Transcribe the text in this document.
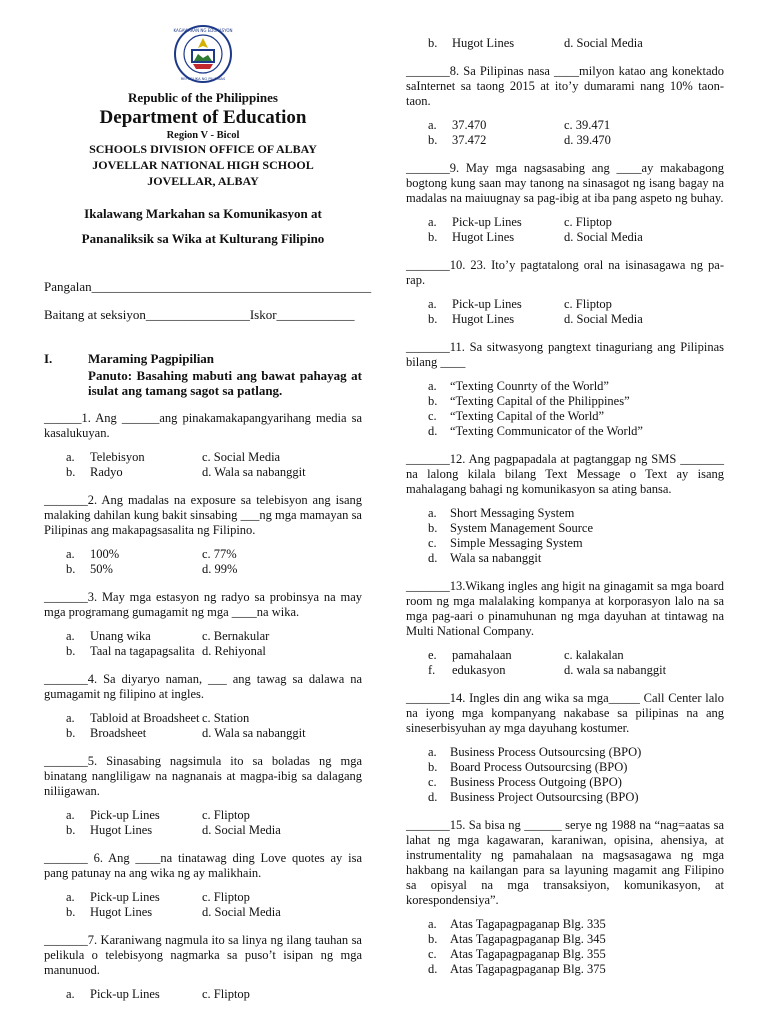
KAGAWARAN NG EDUKASYON
REPUBLIKA NG PILIPINAS
Republic of the Philippines
Department of Education
Region V - Bicol
SCHOOLS DIVISION OFFICE OF ALBAY
JOVELLAR NATIONAL HIGH SCHOOL
JOVELLAR, ALBAY
Ikalawang Markahan sa Komunikasyon at
Pananaliksik sa Wika at Kulturang Filipino
Pangalan___________________________________________
Baitang at seksiyon________________Iskor____________
I.	Maraming Pagpipilian
Panuto: Basahing mabuti ang bawat pahayag at isulat ang tamang sagot sa patlang.
______1. Ang ______ang pinakamakapangyarihang media sa kasalukuyan.
a.	Telebisyon	c. Social Media
b.	Radyo	d. Wala sa nabanggit
_______2. Ang madalas na exposure sa telebisyon ang isang malaking dahilan kung bakit sinsabing ___ng mga mamayan sa Pilipinas ang makapagsasalita ng Filipino.
a.	100%	c. 77%
b.	50%	d. 99%
_______3. May mga estasyon ng radyo sa probinsya na may mga programang gumagamit ng mga ____na wika.
a.	Unang wika	c. Bernakular
b.	Taal na tagapagsalita d. Rehiyonal
_______4. Sa diyaryo naman, ___ ang tawag sa dalawa na gumagamit ng filipino at ingles.
a.	Tabloid at Broadsheet c. Station
b.	Broadsheet	d. Wala sa nabanggit
_______5. Sinasabing nagsimula ito sa boladas ng mga binatang nangliligaw na nagnanais at magpa-ibig sa dalagang niliigawan.
a.	Pick-up Lines	c. Fliptop
b.	Hugot Lines	d. Social Media
_______ 6. Ang ____na tinatawag ding Love quotes ay isa pang patunay na ang wika ng ay malikhain.
a.	Pick-up Lines	c. Fliptop
b.	Hugot Lines	d. Social Media
_______7. Karaniwang nagmula ito sa linya ng ilang tauhan sa pelikula o telebisyong nagmarka sa puso’t isipan ng mga manunuod.
a.	Pick-up Lines	c. Fliptop
b.	Hugot Lines	d. Social Media
_______8. Sa Pilipinas nasa ____milyon katao ang konektado saInternet sa taong 2015 at ito’y dumarami nang 10% taon-taon.
a.	37.470	c. 39.471
b.	37.472	d. 39.470
_______9. May mga nagsasabing ang ____ay makabagong bogtong kung saan may tanong na sinasagot ng isang bagay na madalas na maiuugnay sa pag-ibig at iba pang aspeto ng buhay.
a.	Pick-up Lines	c. Fliptop
b.	Hugot Lines	d. Social Media
_______10. 23. Ito’y pagtatalong oral na isinasagawa ng pa-rap.
a.	Pick-up Lines	c. Fliptop
b.	Hugot Lines	d. Social Media
_______11. Sa sitwasyong pangtext tinaguriang ang Pilipinas bilang ____
a.	“Texting Counrty of the World”
b.	“Texting Capital of the Philippines”
c.	“Texting Capital of the World”
d.	“Texting Communicator of the World”
_______12. Ang pagpapadala at pagtanggap ng SMS _______ na lalong kilala bilang Text Message o Text ay isang mahalagang bahagi ng komunikasyon sa ating bansa.
a.	Short Messaging System
b.	System Management Source
c.	Simple Messaging System
d.	Wala sa nabanggit
_______13.Wikang ingles ang higit na ginagamit sa mga board room ng mga malalaking kompanya at korporasyon lalo na sa mga pag-aari o pinamuhunan ng mga dayuhan at tintawag na Multi National Company.
e.	pamahalaan	c. kalakalan
f.	edukasyon	d. wala sa nabanggit
_______14. Ingles din ang wika sa mga_____ Call Center lalo na iyong mga kompanyang nakabase sa pilipinas na ang sineserbisyuhan ay mga dayuhang kostumer.
a.	Business Process Outsourcsing (BPO)
b.	Board Process Outsourcsing (BPO)
c.	Business Process Outgoing (BPO)
d.	Business Project Outsourcsing (BPO)
_______15. Sa bisa ng ______ serye ng 1988 na “nag=aatas sa lahat ng mga kagawaran, karaniwan, opisina, ahensiya, at instrumentality ng pamahalaan na magsasagawa ng mga hakbang na kailangan para sa layuning magamit ang Filipino sa opisyal na mga transaksiyon, komunikasyon, at korespondensiya”.
a.	Atas Tagapagpaganap Blg. 335
b.	Atas Tagapagpaganap Blg. 345
c.	Atas Tagapagpaganap Blg. 355
d.	Atas Tagapagpaganap Blg. 375
